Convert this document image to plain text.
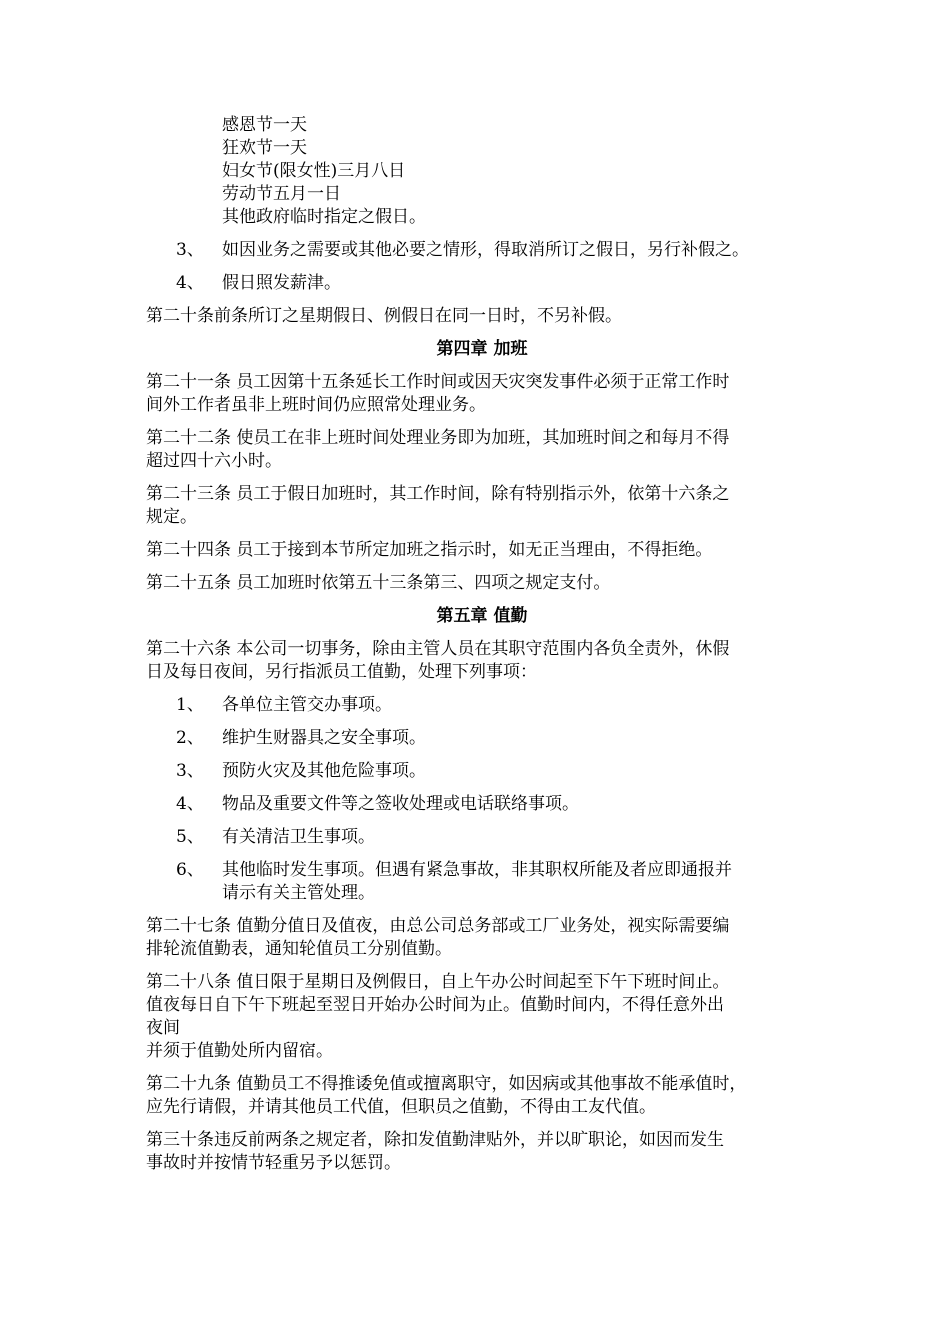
感恩节一天
狂欢节一天
妇女节(限女性)三月八日
劳动节五月一日
其他政府临时指定之假日。
3、	如因业务之需要或其他必要之情形，得取消所订之假日，另行补假之。
4、	假日照发薪津。
第二十条前条所订之星期假日、例假日在同一日时，不另补假。
第四章 加班
第二十一条 员工因第十五条延长工作时间或因天灾突发事件必须于正常工作时
间外工作者虽非上班时间仍应照常处理业务。
第二十二条 使员工在非上班时间处理业务即为加班，其加班时间之和每月不得
超过四十六小时。
第二十三条 员工于假日加班时，其工作时间，除有特别指示外，依第十六条之
规定。
第二十四条 员工于接到本节所定加班之指示时，如无正当理由，不得拒绝。
第二十五条 员工加班时依第五十三条第三、四项之规定支付。
第五章 值勤
第二十六条 本公司一切事务，除由主管人员在其职守范围内各负全责外，休假
日及每日夜间，另行指派员工值勤，处理下列事项：
1、	各单位主管交办事项。
2、	维护生财器具之安全事项。
3、	预防火灾及其他危险事项。
4、	物品及重要文件等之签收处理或电话联络事项。
5、	有关清洁卫生事项。
6、	其他临时发生事项。但遇有紧急事故，非其职权所能及者应即通报并
请示有关主管处理。
第二十七条 值勤分值日及值夜，由总公司总务部或工厂业务处，视实际需要编
排轮流值勤表，通知轮值员工分别值勤。
第二十八条 值日限于星期日及例假日，自上午办公时间起至下午下班时间止。
值夜每日自下午下班起至翌日开始办公时间为止。值勤时间内，不得任意外出
夜间
并须于值勤处所内留宿。
第二十九条 值勤员工不得推诿免值或擅离职守，如因病或其他事故不能承值时，
应先行请假，并请其他员工代值，但职员之值勤，不得由工友代值。
第三十条违反前两条之规定者，除扣发值勤津贴外，并以旷职论，如因而发生
事故时并按情节轻重另予以惩罚。
